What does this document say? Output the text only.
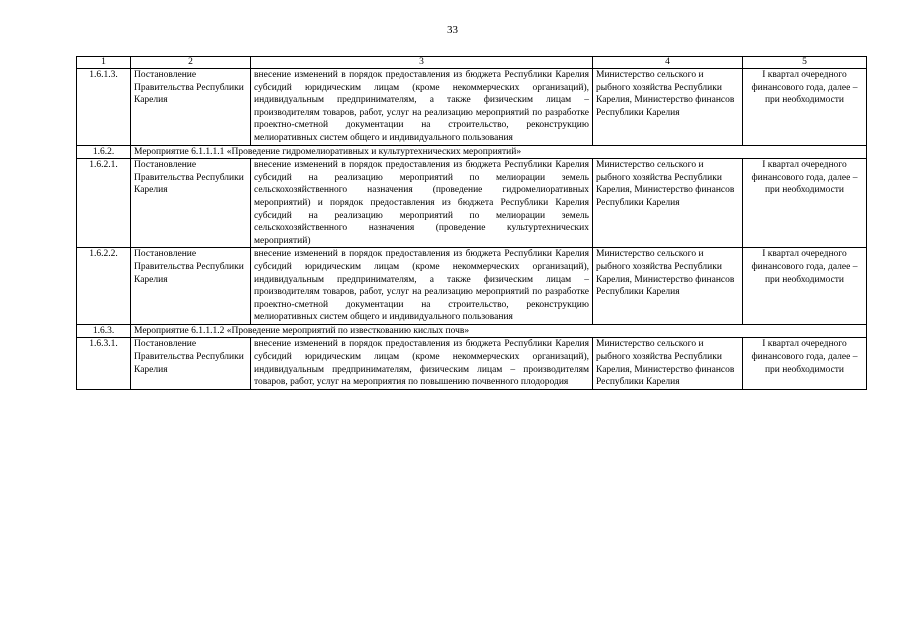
33
1	2	3	4	5
1.6.1.3.	Постановление Правительства Республики Карелия	внесение изменений в порядок предоставления из бюджета Республики Карелия субсидий юридическим лицам (кроме некоммерческих организаций), индивидуальным предпринимателям, а также физическим лицам – производителям товаров, работ, услуг на реализацию мероприятий по разработке проектно-сметной документации на строительство, реконструкцию мелиоративных систем общего и индивидуального пользования	Министерство сельского и рыбного хозяйства Республики Карелия, Министерство финансов Республики Карелия	I квартал очередного финансового года, далее – при необходимости
1.6.2.	Мероприятие 6.1.1.1.1 «Проведение гидромелиоративных и культуртехнических мероприятий»			
1.6.2.1.	Постановление Правительства Республики Карелия	внесение изменений в порядок предоставления из бюджета Республики Карелия субсидий на реализацию мероприятий по мелиорации земель сельскохозяйственного назначения (проведение гидромелиоративных мероприятий) и порядок предоставления из бюджета Республики Карелия субсидий на реализацию мероприятий по мелиорации земель сельскохозяйственного назначения (проведение культуртехнических мероприятий)	Министерство сельского и рыбного хозяйства Республики Карелия, Министерство финансов Республики Карелия	I квартал очередного финансового года, далее – при необходимости
1.6.2.2.	Постановление Правительства Республики Карелия	внесение изменений в порядок предоставления из бюджета Республики Карелия субсидий юридическим лицам (кроме некоммерческих организаций), индивидуальным предпринимателям, а также физическим лицам – производителям товаров, работ, услуг на реализацию мероприятий по разработке проектно-сметной документации на строительство, реконструкцию мелиоративных систем общего и индивидуального пользования	Министерство сельского и рыбного хозяйства Республики Карелия, Министерство финансов Республики Карелия	I квартал очередного финансового года, далее – при необходимости
1.6.3.	Мероприятие 6.1.1.1.2 «Проведение мероприятий по известкованию кислых почв»			
1.6.3.1.	Постановление Правительства Республики Карелия	внесение изменений в порядок предоставления из бюджета Республики Карелия субсидий юридическим лицам (кроме некоммерческих организаций), индивидуальным предпринимателям, физическим лицам – производителям товаров, работ, услуг на мероприятия по повышению почвенного плодородия	Министерство сельского и рыбного хозяйства Республики Карелия, Министерство финансов Республики Карелия	I квартал очередного финансового года, далее – при необходимости
